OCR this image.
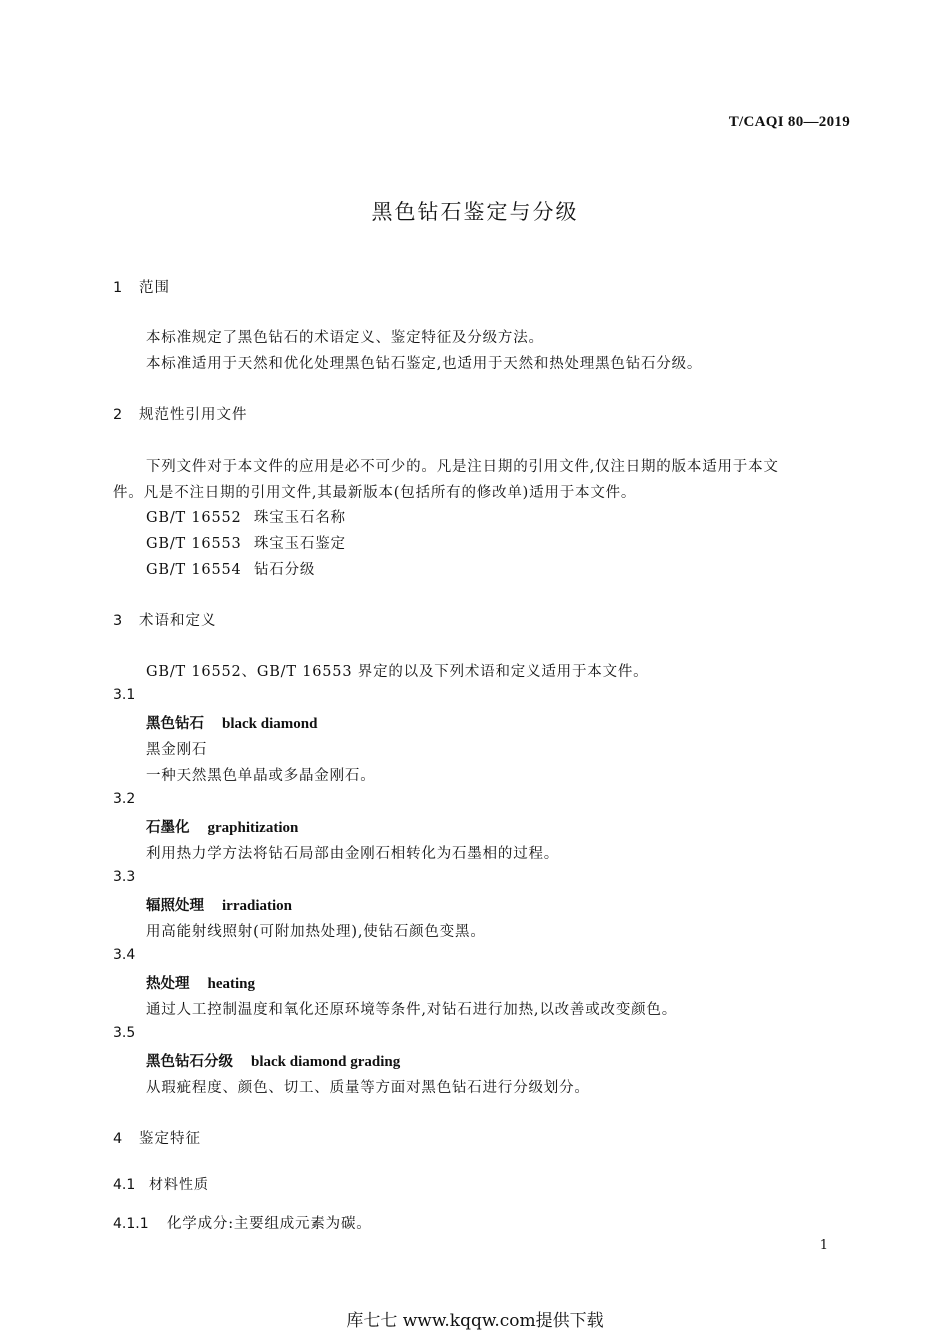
T/CAQI 80—2019
黑色钻石鉴定与分级
1 范围
本标准规定了黑色钻石的术语定义、鉴定特征及分级方法。
本标准适用于天然和优化处理黑色钻石鉴定,也适用于天然和热处理黑色钻石分级。
2 规范性引用文件
下列文件对于本文件的应用是必不可少的。凡是注日期的引用文件,仅注日期的版本适用于本文
件。凡是不注日期的引用文件,其最新版本(包括所有的修改单)适用于本文件。
GB/T 16552 珠宝玉石名称
GB/T 16553 珠宝玉石鉴定
GB/T 16554 钻石分级
3 术语和定义
GB/T 16552、GB/T 16553 界定的以及下列术语和定义适用于本文件。
3.1
黑色钻石 black diamond
黑金刚石
一种天然黑色单晶或多晶金刚石。
3.2
石墨化 graphitization
利用热力学方法将钻石局部由金刚石相转化为石墨相的过程。
3.3
辐照处理 irradiation
用高能射线照射(可附加热处理),使钻石颜色变黑。
3.4
热处理 heating
通过人工控制温度和氧化还原环境等条件,对钻石进行加热,以改善或改变颜色。
3.5
黑色钻石分级 black diamond grading
从瑕疵程度、颜色、切工、质量等方面对黑色钻石进行分级划分。
4 鉴定特征
4.1 材料性质
4.1.1 化学成分:主要组成元素为碳。
1
库七七 www.kqqw.com提供下载
